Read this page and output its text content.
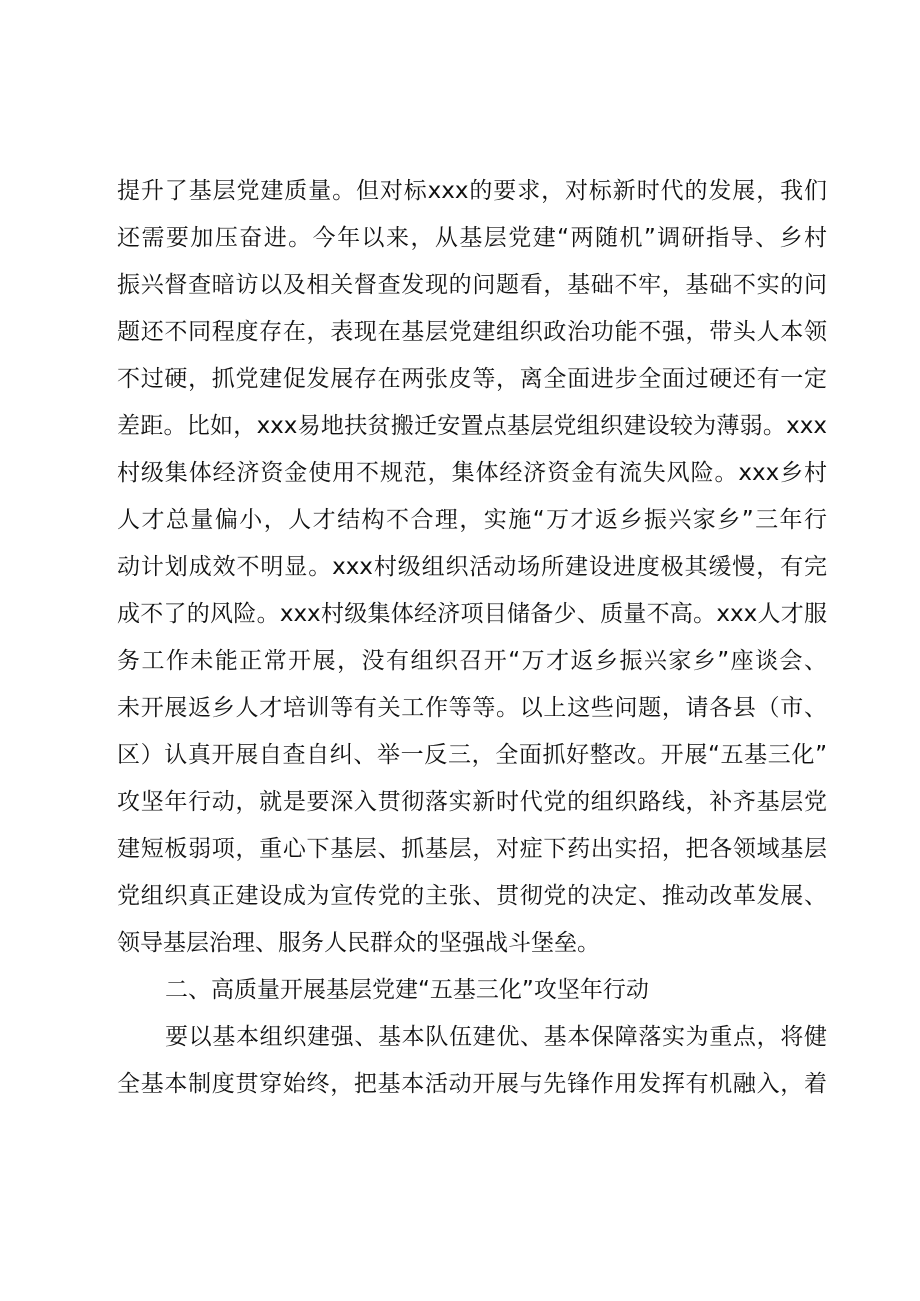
提升了基层党建质量。但对标xxx的要求，对标新时代的发展，我们
还需要加压奋进。今年以来，从基层党建“两随机”调研指导、乡村
振兴督查暗访以及相关督查发现的问题看，基础不牢，基础不实的问
题还不同程度存在，表现在基层党建组织政治功能不强，带头人本领
不过硬，抓党建促发展存在两张皮等，离全面进步全面过硬还有一定
差距。比如，xxx易地扶贫搬迁安置点基层党组织建设较为薄弱。xxx
村级集体经济资金使用不规范，集体经济资金有流失风险。xxx乡村
人才总量偏小，人才结构不合理，实施“万才返乡振兴家乡”三年行
动计划成效不明显。xxx村级组织活动场所建设进度极其缓慢，有完
成不了的风险。xxx村级集体经济项目储备少、质量不高。xxx人才服
务工作未能正常开展，没有组织召开“万才返乡振兴家乡”座谈会、
未开展返乡人才培训等有关工作等等。以上这些问题，请各县（市、
区）认真开展自查自纠、举一反三，全面抓好整改。开展“五基三化”
攻坚年行动，就是要深入贯彻落实新时代党的组织路线，补齐基层党
建短板弱项，重心下基层、抓基层，对症下药出实招，把各领域基层
党组织真正建设成为宣传党的主张、贯彻党的决定、推动改革发展、
领导基层治理、服务人民群众的坚强战斗堡垒。
二、高质量开展基层党建“五基三化”攻坚年行动
要以基本组织建强、基本队伍建优、基本保障落实为重点，将健
全基本制度贯穿始终，把基本活动开展与先锋作用发挥有机融入，着
